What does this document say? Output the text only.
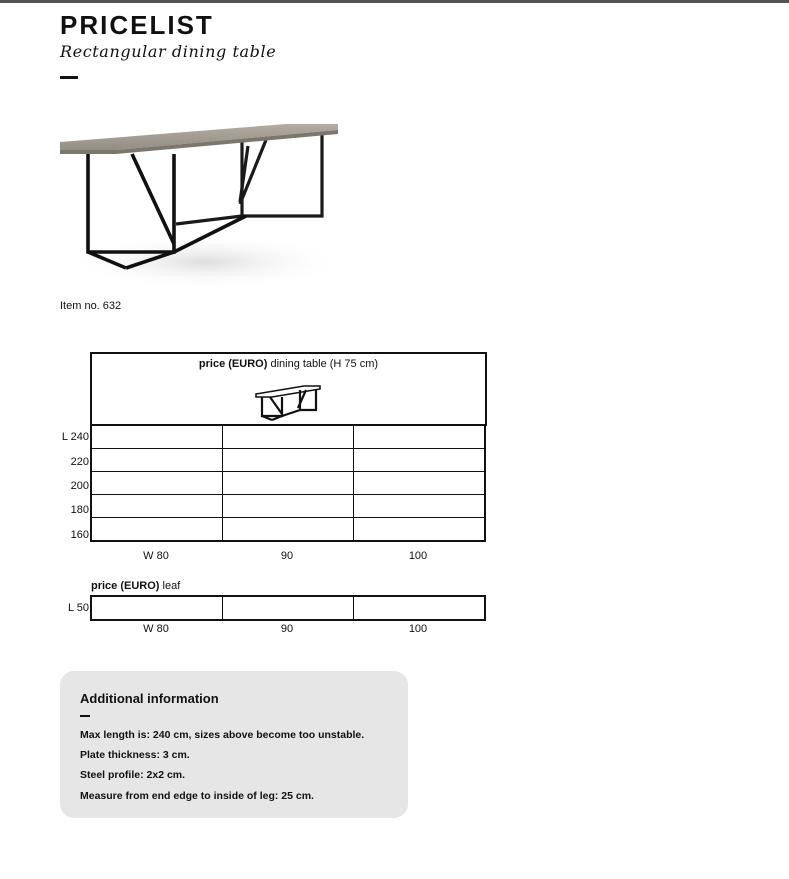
PRICELIST

Rectangular dining table

Item no. 632
price (EURO) dining table (H 75 cm)

L 240
220
200
180
160
W 80	90	100
price (EURO) leaf

L 50
W 80	90	100
Additional information
Max length is: 240 cm, sizes above become too unstable.
Plate thickness: 3 cm.
Steel profile: 2x2 cm.
Measure from end edge to inside of leg: 25 cm.
